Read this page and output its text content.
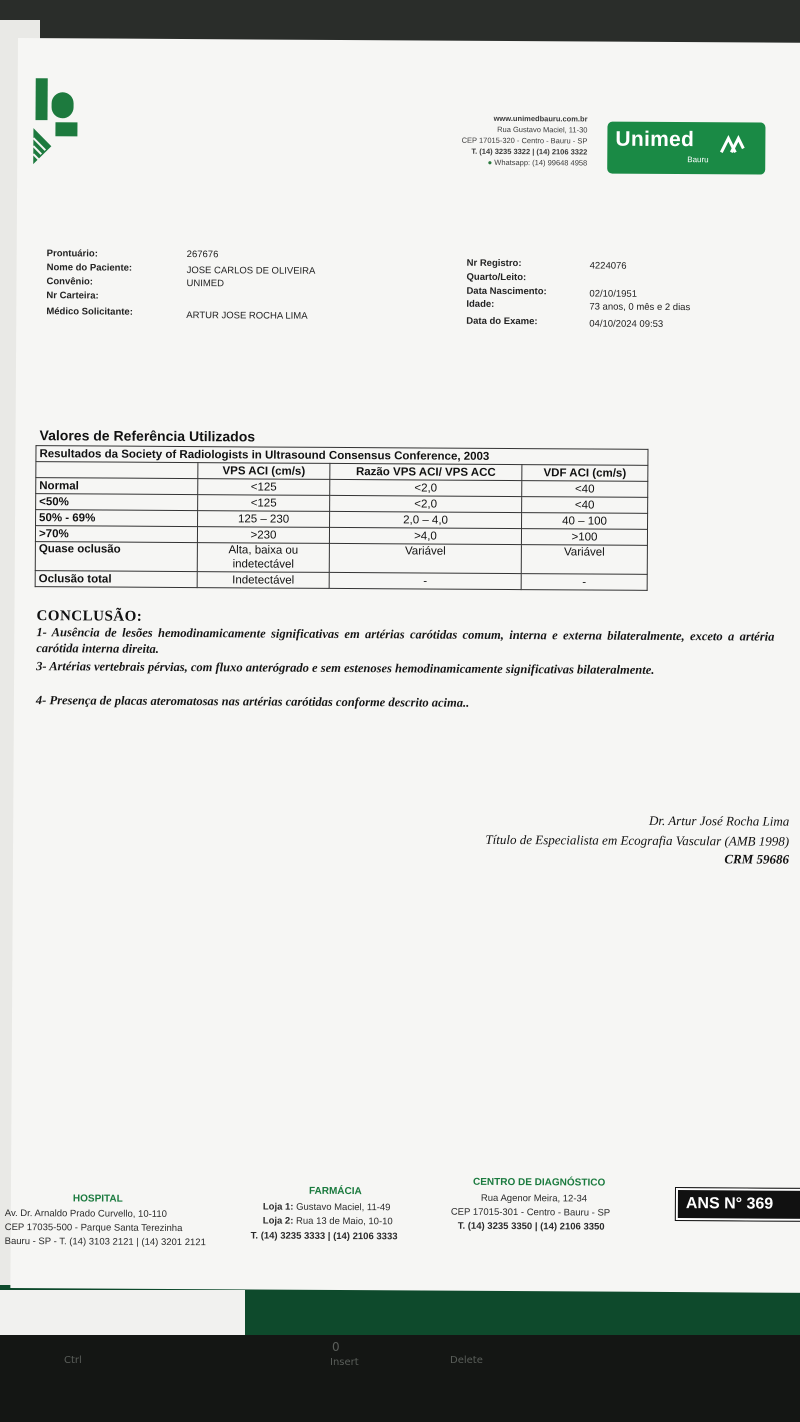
Ctrl
0
Insert	Delete
www.unimedbauru.com.br
Rua Gustavo Maciel, 11-30
CEP 17015-320 - Centro - Bauru - SP
T. (14) 3235 3322 | (14) 2106 3322
● Whatsapp: (14) 99648 4958
Unimed
Bauru
Prontuário:	267676
Nome do Paciente:	JOSE CARLOS DE OLIVEIRA
Convênio:	UNIMED
Nr Carteira:
Médico Solicitante:	ARTUR JOSE ROCHA LIMA
Nr Registro:	4224076
Quarto/Leito:
Data Nascimento:	02/10/1951
Idade:	73 anos, 0 mês e 2 dias
Data do Exame:	04/10/2024 09:53
Valores de Referência Utilizados
Resultados da Society of Radiologists in Ultrasound Consensus Conference, 2003			
	VPS ACI (cm/s)	Razão VPS ACI/ VPS ACC	VDF ACI (cm/s)
Normal	<125	<2,0	<40
<50%	<125	<2,0	<40
50% - 69%	125 – 230	2,0 – 4,0	40 – 100
>70%	>230	>4,0	>100
Quase oclusão	Alta, baixa ou indetectável	Variável	Variável
Oclusão total	Indetectável	-	-
CONCLUSÃO:
1- Ausência de lesões hemodinamicamente significativas em artérias carótidas comum, interna e externa bilateralmente, exceto a artéria carótida interna direita.
3- Artérias vertebrais pérvias, com fluxo anterógrado e sem estenoses hemodinamicamente significativas bilateralmente.
4- Presença de placas ateromatosas nas artérias carótidas conforme descrito acima..
Dr. Artur José Rocha Lima
Título de Especialista em Ecografia Vascular (AMB 1998)
CRM 59686
HOSPITAL
Av. Dr. Arnaldo Prado Curvello, 10-110
CEP 17035-500 - Parque Santa Terezinha
Bauru - SP - T. (14) 3103 2121 | (14) 3201 2121
FARMÁCIA
Loja 1: Gustavo Maciel, 11-49
Loja 2: Rua 13 de Maio, 10-10
T. (14) 3235 3333 | (14) 2106 3333
CENTRO DE DIAGNÓSTICO
Rua Agenor Meira, 12-34
CEP 17015-301 - Centro - Bauru - SP
T. (14) 3235 3350 | (14) 2106 3350
ANS N° 369
